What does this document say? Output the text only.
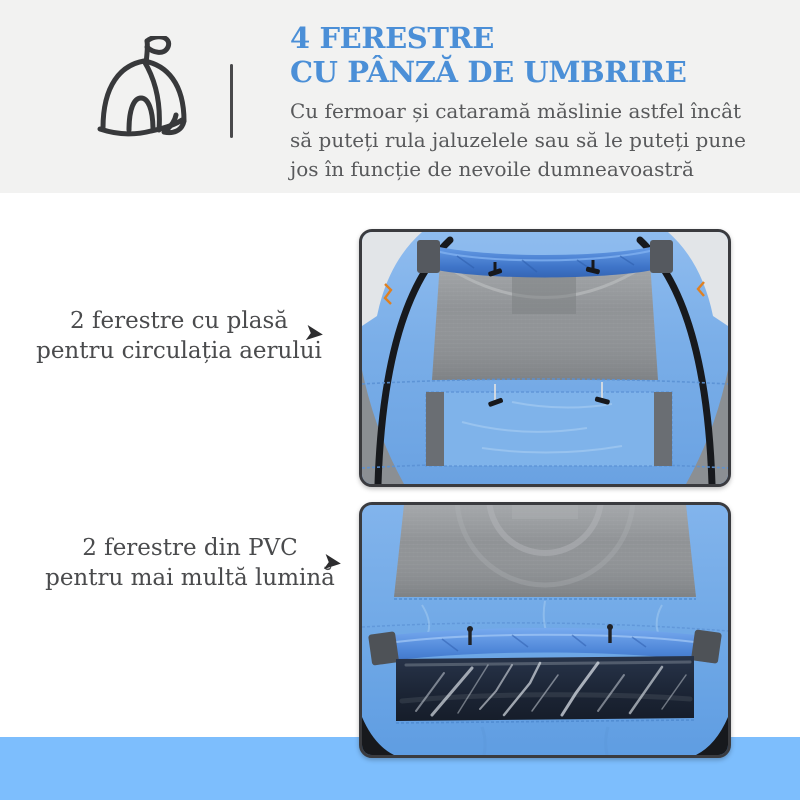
4 FERESTRE
CU PÂNZĂ DE UMBRIRE

Cu fermoar și cataramă măslinie astfel încât
să puteți rula jaluzelele sau să le puteți pune
jos în funcție de nevoile dumneavoastră

2 ferestre cu plasă
pentru circulația aerului
➤
2 ferestre din PVC
pentru mai multă lumină
➤
